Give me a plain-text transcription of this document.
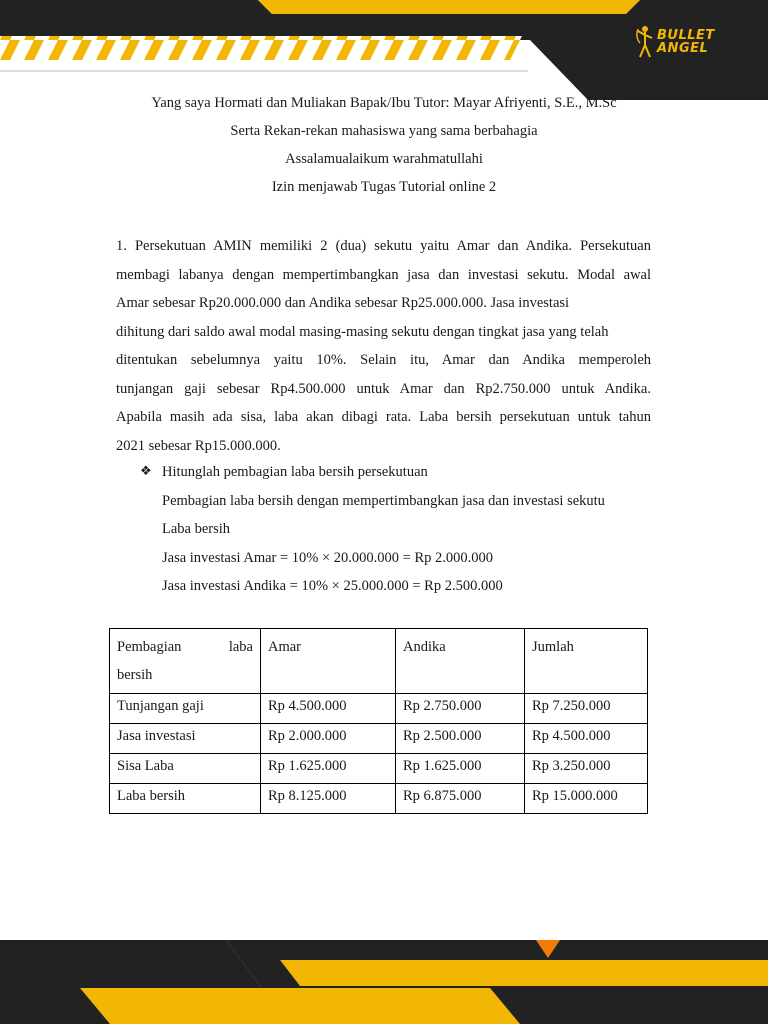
BULLET
ANGEL
Yang saya Hormati dan Muliakan Bapak/Ibu Tutor: Mayar Afriyenti, S.E., M.Sc
Serta Rekan-rekan mahasiswa yang sama berbahagia
Assalamualaikum warahmatullahi
Izin menjawab Tugas Tutorial online 2
1. Persekutuan AMIN memiliki 2 (dua) sekutu yaitu Amar dan Andika. Persekutuan
membagi labanya dengan mempertimbangkan jasa dan investasi sekutu. Modal awal
Amar sebesar Rp20.000.000 dan Andika sebesar Rp25.000.000. Jasa investasi
dihitung dari saldo awal modal masing-masing sekutu dengan tingkat jasa yang telah
ditentukan sebelumnya yaitu 10%. Selain itu, Amar dan Andika memperoleh
tunjangan gaji sebesar Rp4.500.000 untuk Amar dan Rp2.750.000 untuk Andika.
Apabila masih ada sisa, laba akan dibagi rata. Laba bersih persekutuan untuk tahun
2021 sebesar Rp15.000.000.
❖ Hitunglah pembagian laba bersih persekutuan
Pembagian laba bersih dengan mempertimbangkan jasa dan investasi sekutu
Laba bersih
Jasa investasi Amar = 10% × 20.000.000 = Rp 2.000.000
Jasa investasi Andika = 10% × 25.000.000 = Rp 2.500.000
Pembagian laba
bersih	Amar	Andika	Jumlah
Tunjangan gaji	Rp 4.500.000	Rp 2.750.000	Rp 7.250.000
Jasa investasi	Rp 2.000.000	Rp 2.500.000	Rp 4.500.000
Sisa Laba	Rp 1.625.000	Rp 1.625.000	Rp 3.250.000
Laba bersih	Rp 8.125.000	Rp 6.875.000	Rp 15.000.000
